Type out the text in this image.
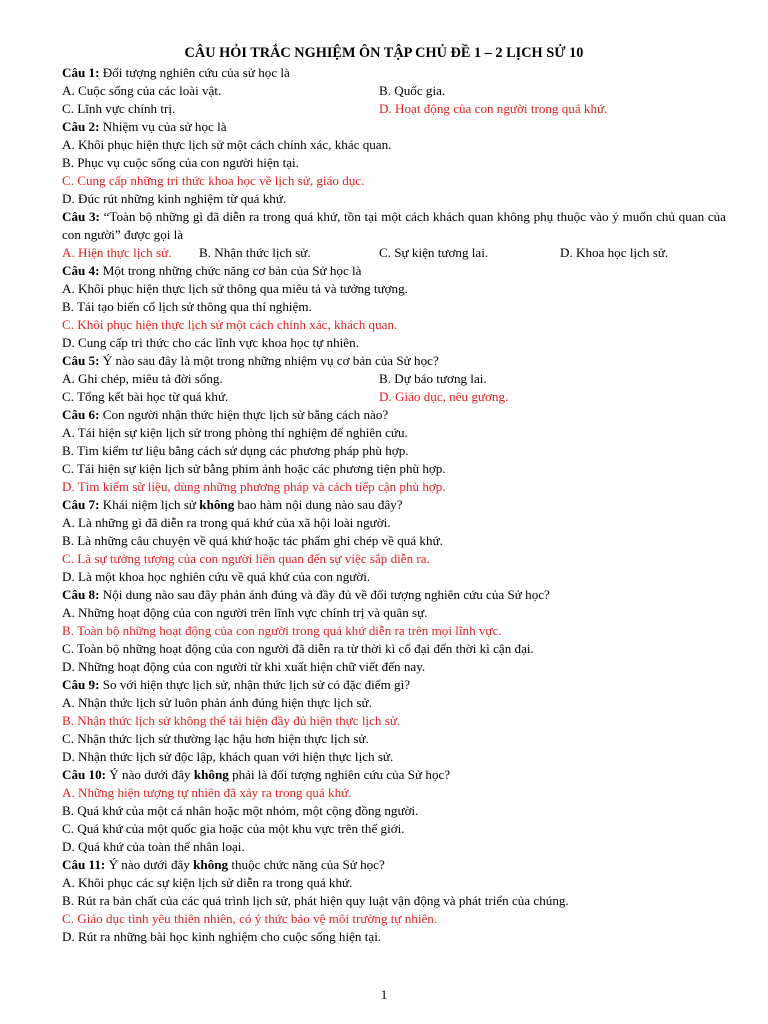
CÂU HỎI TRẮC NGHIỆM ÔN TẬP CHỦ ĐỀ 1 – 2 LỊCH SỬ 10
Câu 1: Đối tượng nghiên cứu của sử học là
A. Cuộc sống của các loài vật.	B. Quốc gia.
C. Lĩnh vực chính trị.	D. Hoạt động của con người trong quá khứ.
Câu 2: Nhiệm vụ của sử học là
A. Khôi phục hiện thực lịch sử một cách chính xác, khác quan.
B. Phục vụ cuộc sống của con người hiện tại.
C. Cung cấp những tri thức khoa học về lịch sử, giáo dục.
D. Đúc rút những kinh nghiệm từ quá khứ.
Câu 3: “Toàn bộ những gì đã diễn ra trong quá khứ, tồn tại một cách khách quan không phụ thuộc vào ý muốn chủ quan của con người” được gọi là
A. Hiện thực lịch sử. B. Nhận thức lịch sử.	C. Sự kiện tương lai.	D. Khoa học lịch sử.
Câu 4: Một trong những chức năng cơ bản của Sử học là
A. Khôi phục hiện thực lịch sử thông qua miêu tả và tưởng tượng.
B. Tái tạo biến cố lịch sử thông qua thí nghiệm.
C. Khôi phục hiện thực lịch sử một cách chính xác, khách quan.
D. Cung cấp tri thức cho các lĩnh vực khoa học tự nhiên.
Câu 5: Ý nào sau đây là một trong những nhiệm vụ cơ bản của Sử học?
A. Ghi chép, miêu tả đời sống.	B. Dự báo tương lai.
C. Tổng kết bài học từ quá khứ.	D. Giáo dục, nêu gương.
Câu 6: Con người nhận thức hiện thực lịch sử bằng cách nào?
A. Tái hiện sự kiện lịch sử trong phòng thí nghiệm để nghiên cứu.
B. Tìm kiếm tư liệu bằng cách sử dụng các phương pháp phù hợp.
C. Tái hiện sự kiện lịch sử bằng phim ảnh hoặc các phương tiện phù hợp.
D. Tìm kiếm sử liệu, dùng những phương pháp và cách tiếp cận phù hợp.
Câu 7: Khái niệm lịch sử không bao hàm nội dung nào sau đây?
A. Là những gì đã diễn ra trong quá khứ của xã hội loài người.
B. Là những câu chuyện về quá khứ hoặc tác phẩm ghi chép về quá khứ.
C. Là sự tưởng tượng của con người liên quan đến sự việc sắp diễn ra.
D. Là một khoa học nghiên cứu về quá khứ của con người.
Câu 8: Nội dung nào sau đây phản ánh đúng và đầy đủ về đối tượng nghiên cứu của Sử học?
A. Những hoạt động của con người trên lĩnh vực chính trị và quân sự.
B. Toàn bộ những hoạt động của con người trong quá khứ diễn ra trên mọi lĩnh vực.
C. Toàn bộ những hoạt động của con người đã diễn ra từ thời kì cổ đại đến thời kì cận đại.
D. Những hoạt động của con người từ khi xuất hiện chữ viết đến nay.
Câu 9: So với hiện thực lịch sử, nhận thức lịch sử có đặc điểm gì?
A. Nhận thức lịch sử luôn phản ánh đúng hiện thực lịch sử.
B. Nhận thức lịch sử không thể tái hiện đầy đủ hiện thực lịch sử.
C. Nhận thức lịch sử thường lạc hậu hơn hiện thực lịch sử.
D. Nhận thức lịch sử độc lập, khách quan với hiện thực lịch sử.
Câu 10: Ý nào dưới đây không phải là đối tượng nghiên cứu của Sử học?
A. Những hiện tượng tự nhiên đã xảy ra trong quá khứ.
B. Quá khứ của một cá nhân hoặc một nhóm, một cộng đồng người.
C. Quá khứ của một quốc gia hoặc của một khu vực trên thế giới.
D. Quá khứ của toàn thể nhân loại.
Câu 11: Ý nào dưới đây không thuộc chức năng của Sử học?
A. Khôi phục các sự kiện lịch sử diễn ra trong quá khứ.
B. Rút ra bản chất của các quá trình lịch sử, phát hiện quy luật vận động và phát triển của chúng.
C. Giáo dục tình yêu thiên nhiên, có ý thức bảo vệ môi trường tự nhiên.
D. Rút ra những bài học kinh nghiệm cho cuộc sống hiện tại.
1
